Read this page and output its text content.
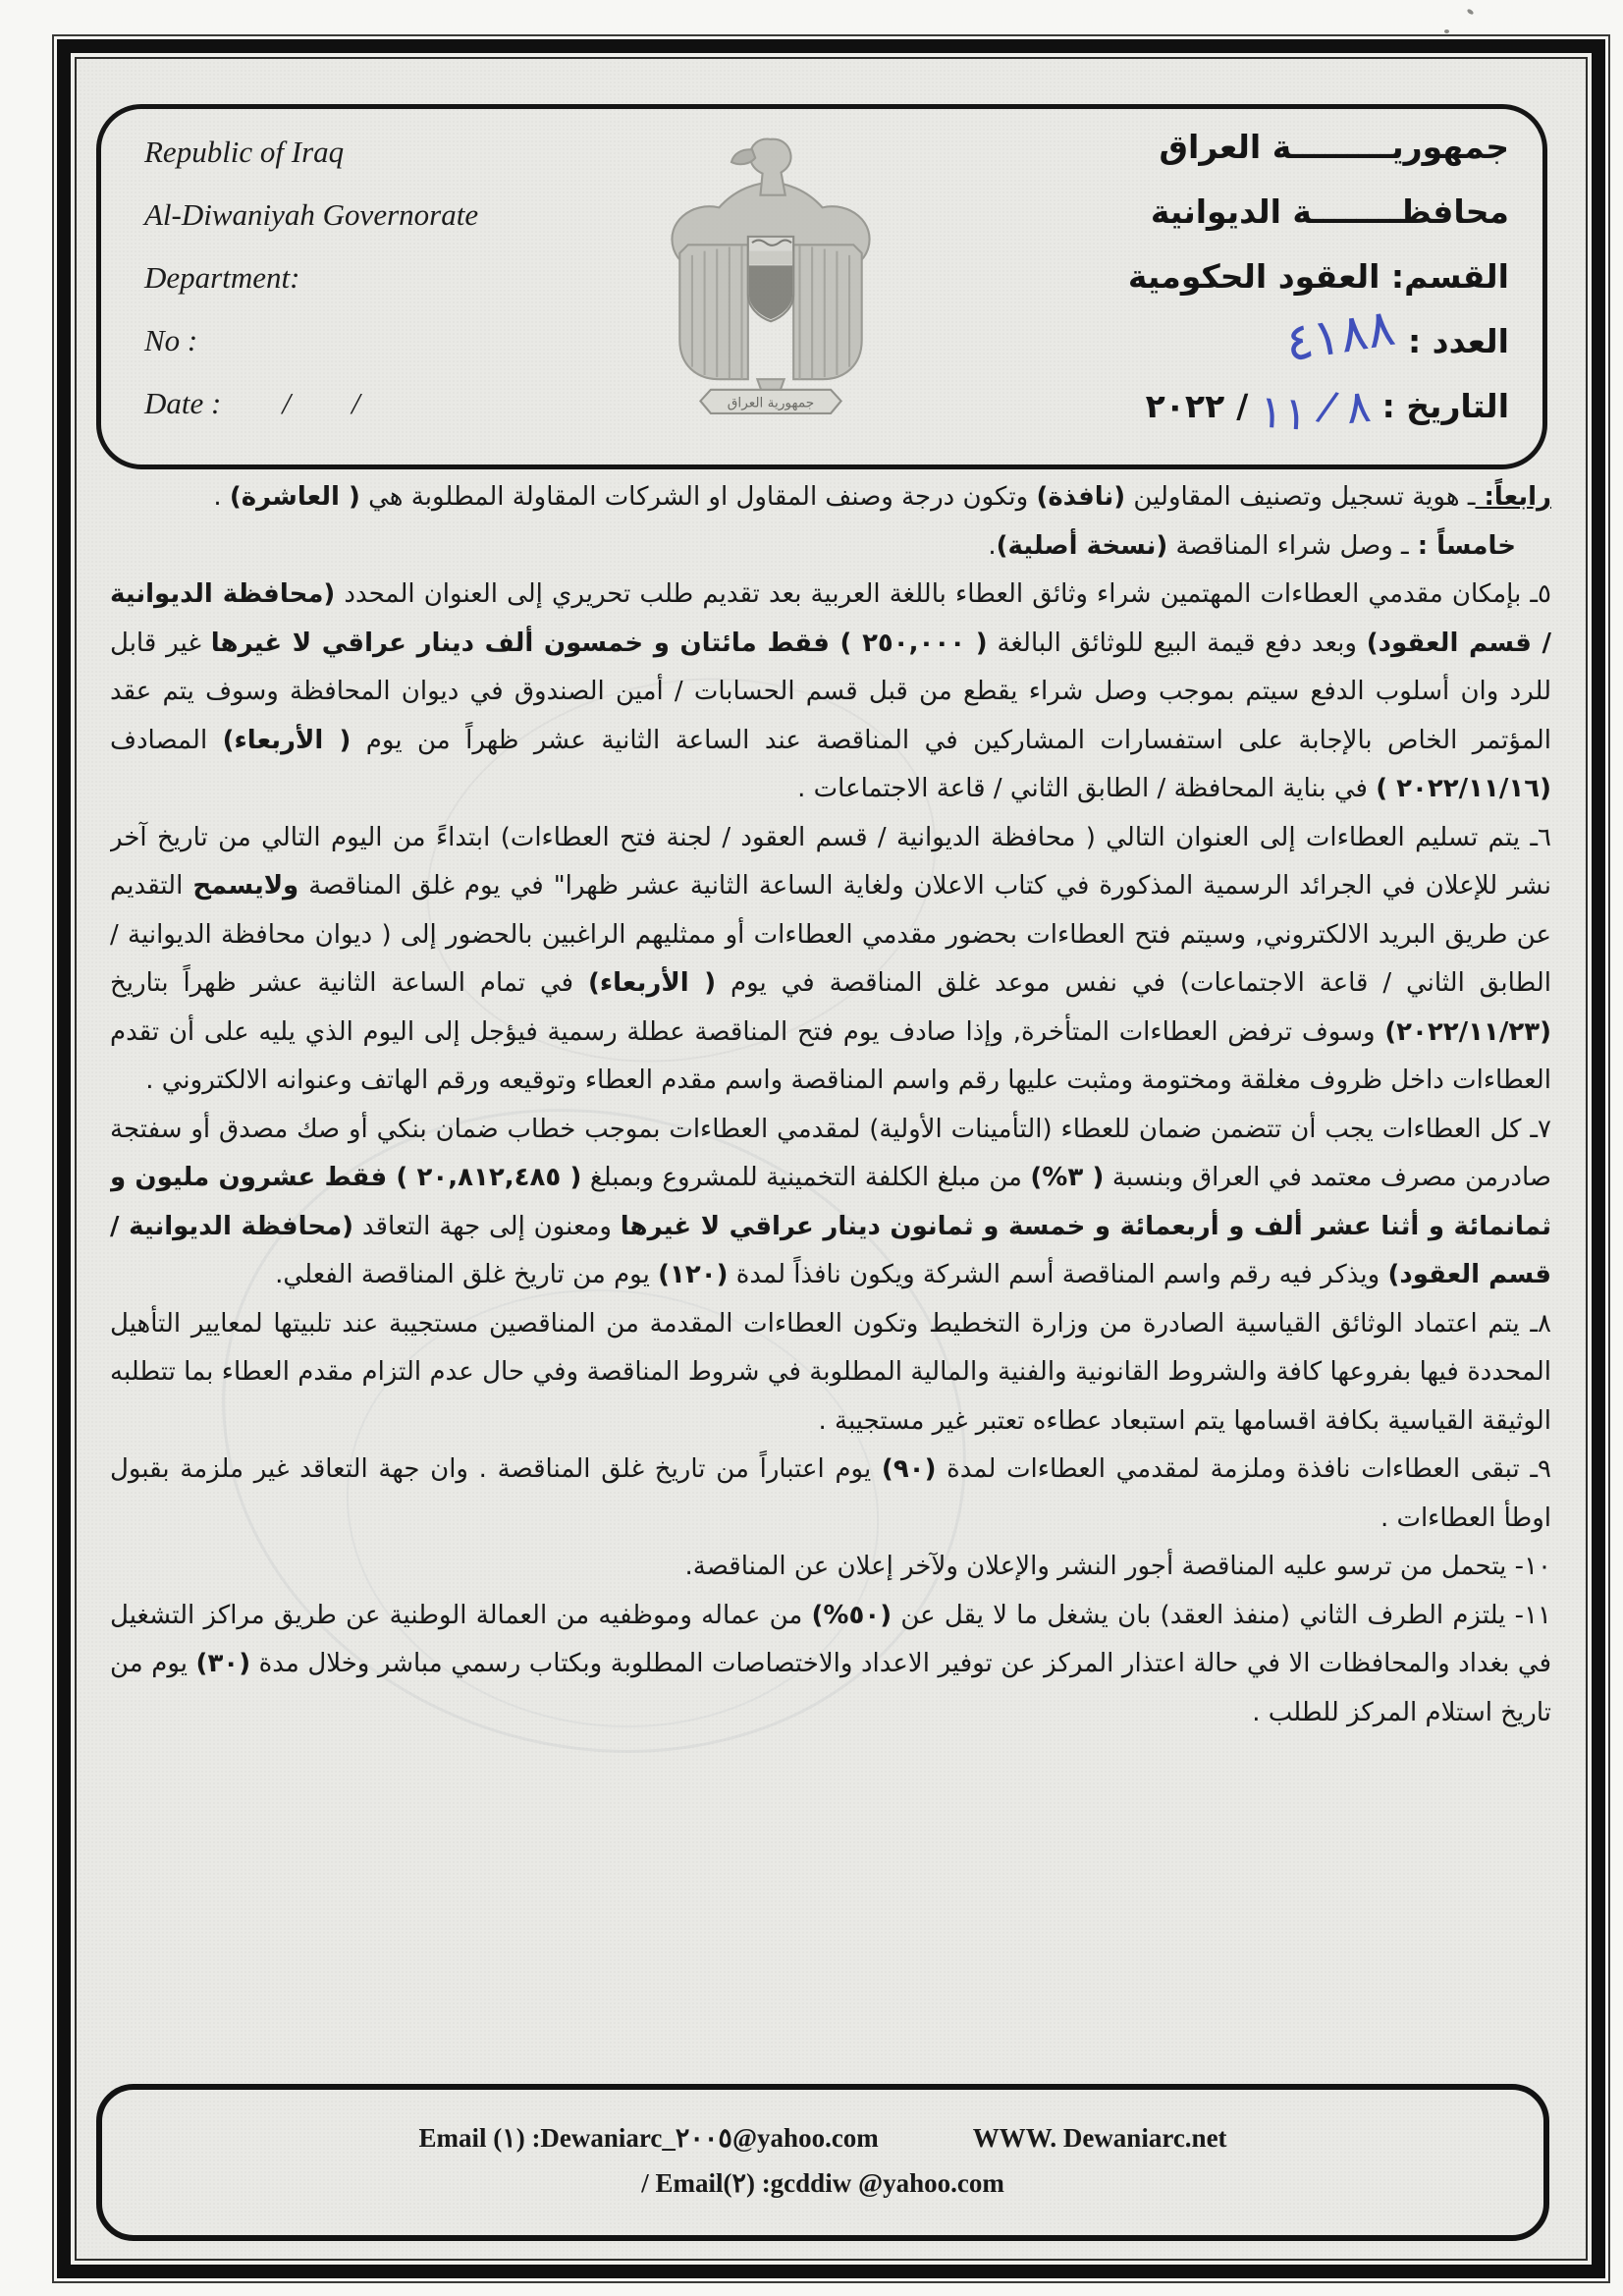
Republic of Iraq
Al-Diwaniyah Governorate
Department:
No :
Date :        /        /	جمهورية العراق
جمهوريـــــــــة العراق
محافظــــــــة الديوانية
القسم: العقود الحكومية
العدد :
٤١٨٨
التاريخ :
٨
/
١١
/
٢٠٢٢
رابعاً: ـ هوية تسجيل وتصنيف المقاولين (نافذة) وتكون درجة وصنف المقاول او الشركات المقاولة المطلوبة هي ( العاشرة) .
خامساً : ـ وصل شراء المناقصة (نسخة أصلية).
٥ـ بإمكان مقدمي العطاءات المهتمين شراء وثائق العطاء باللغة العربية بعد تقديم طلب تحريري إلى العنوان المحدد (محافظة الديوانية / قسم العقود) وبعد دفع قيمة البيع للوثائق البالغة ( ٢٥٠,٠٠٠ ) فقط مائتان و خمسون ألف دينار عراقي لا غيرها غير قابل للرد وان أسلوب الدفع سيتم بموجب وصل شراء يقطع من قبل قسم الحسابات / أمين الصندوق في ديوان المحافظة وسوف يتم عقد المؤتمر الخاص بالإجابة على استفسارات المشاركين في المناقصة عند الساعة الثانية عشر ظهراً من يوم ( الأربعاء) المصادف (٢٠٢٢/١١/١٦ ) في بناية المحافظة / الطابق الثاني / قاعة الاجتماعات .
٦ـ يتم تسليم العطاءات إلى العنوان التالي ( محافظة الديوانية / قسم العقود / لجنة فتح العطاءات) ابتداءً من اليوم التالي من تاريخ آخر نشر للإعلان في الجرائد الرسمية المذكورة في كتاب الاعلان ولغاية الساعة الثانية عشر ظهرا" في يوم غلق المناقصة ولايسمح التقديم عن طريق البريد الالكتروني, وسيتم فتح العطاءات بحضور مقدمي العطاءات أو ممثليهم الراغبين بالحضور إلى ( ديوان محافظة الديوانية / الطابق الثاني / قاعة الاجتماعات) في نفس موعد غلق المناقصة في يوم ( الأربعاء) في تمام الساعة الثانية عشر ظهراً بتاريخ (٢٠٢٢/١١/٢٣) وسوف ترفض العطاءات المتأخرة, وإذا صادف يوم فتح المناقصة عطلة رسمية فيؤجل إلى اليوم الذي يليه على أن تقدم العطاءات داخل ظروف مغلقة ومختومة ومثبت عليها رقم واسم المناقصة واسم مقدم العطاء وتوقيعه ورقم الهاتف وعنوانه الالكتروني .
٧ـ كل العطاءات يجب أن تتضمن ضمان للعطاء (التأمينات الأولية) لمقدمي العطاءات بموجب خطاب ضمان بنكي أو صك مصدق أو سفتجة صادرمن مصرف معتمد في العراق وبنسبة ( ٣%) من مبلغ الكلفة التخمينية للمشروع وبمبلغ ( ٢٠,٨١٢,٤٨٥ ) فقط عشرون مليون و ثمانمائة و أثنا عشر ألف و أربعمائة و خمسة و ثمانون دينار عراقي لا غيرها ومعنون إلى جهة التعاقد (محافظة الديوانية / قسم العقود) ويذكر فيه رقم واسم المناقصة أسم الشركة ويكون نافذاً لمدة (١٢٠) يوم من تاريخ غلق المناقصة الفعلي.
٨ـ يتم اعتماد الوثائق القياسية الصادرة من وزارة التخطيط وتكون العطاءات المقدمة من المناقصين مستجيبة عند تلبيتها لمعايير التأهيل المحددة فيها بفروعها كافة والشروط القانونية والفنية والمالية المطلوبة في شروط المناقصة وفي حال عدم التزام مقدم العطاء بما تتطلبه الوثيقة القياسية بكافة اقسامها يتم استبعاد عطاءه تعتبر غير مستجيبة .
٩ـ تبقى العطاءات نافذة وملزمة لمقدمي العطاءات لمدة (٩٠) يوم اعتباراً من تاريخ غلق المناقصة . وان جهة التعاقد غير ملزمة بقبول اوطأ العطاءات .
١٠- يتحمل من ترسو عليه المناقصة أجور النشر والإعلان ولآخر إعلان عن المناقصة.
١١- يلتزم الطرف الثاني (منفذ العقد) بان يشغل ما لا يقل عن (٥٠%) من عماله وموظفيه من العمالة الوطنية عن طريق مراكز التشغيل في بغداد والمحافظات الا في حالة اعتذار المركز عن توفير الاعداد والاختصاصات المطلوبة وبكتاب رسمي مباشر وخلال مدة (٣٠) يوم من تاريخ استلام المركز للطلب .
Email (١) :Dewaniarc_٢٠٠٥@yahoo.com	WWW. Dewaniarc.net
/ Email(٢) :gcddiw @yahoo.com
